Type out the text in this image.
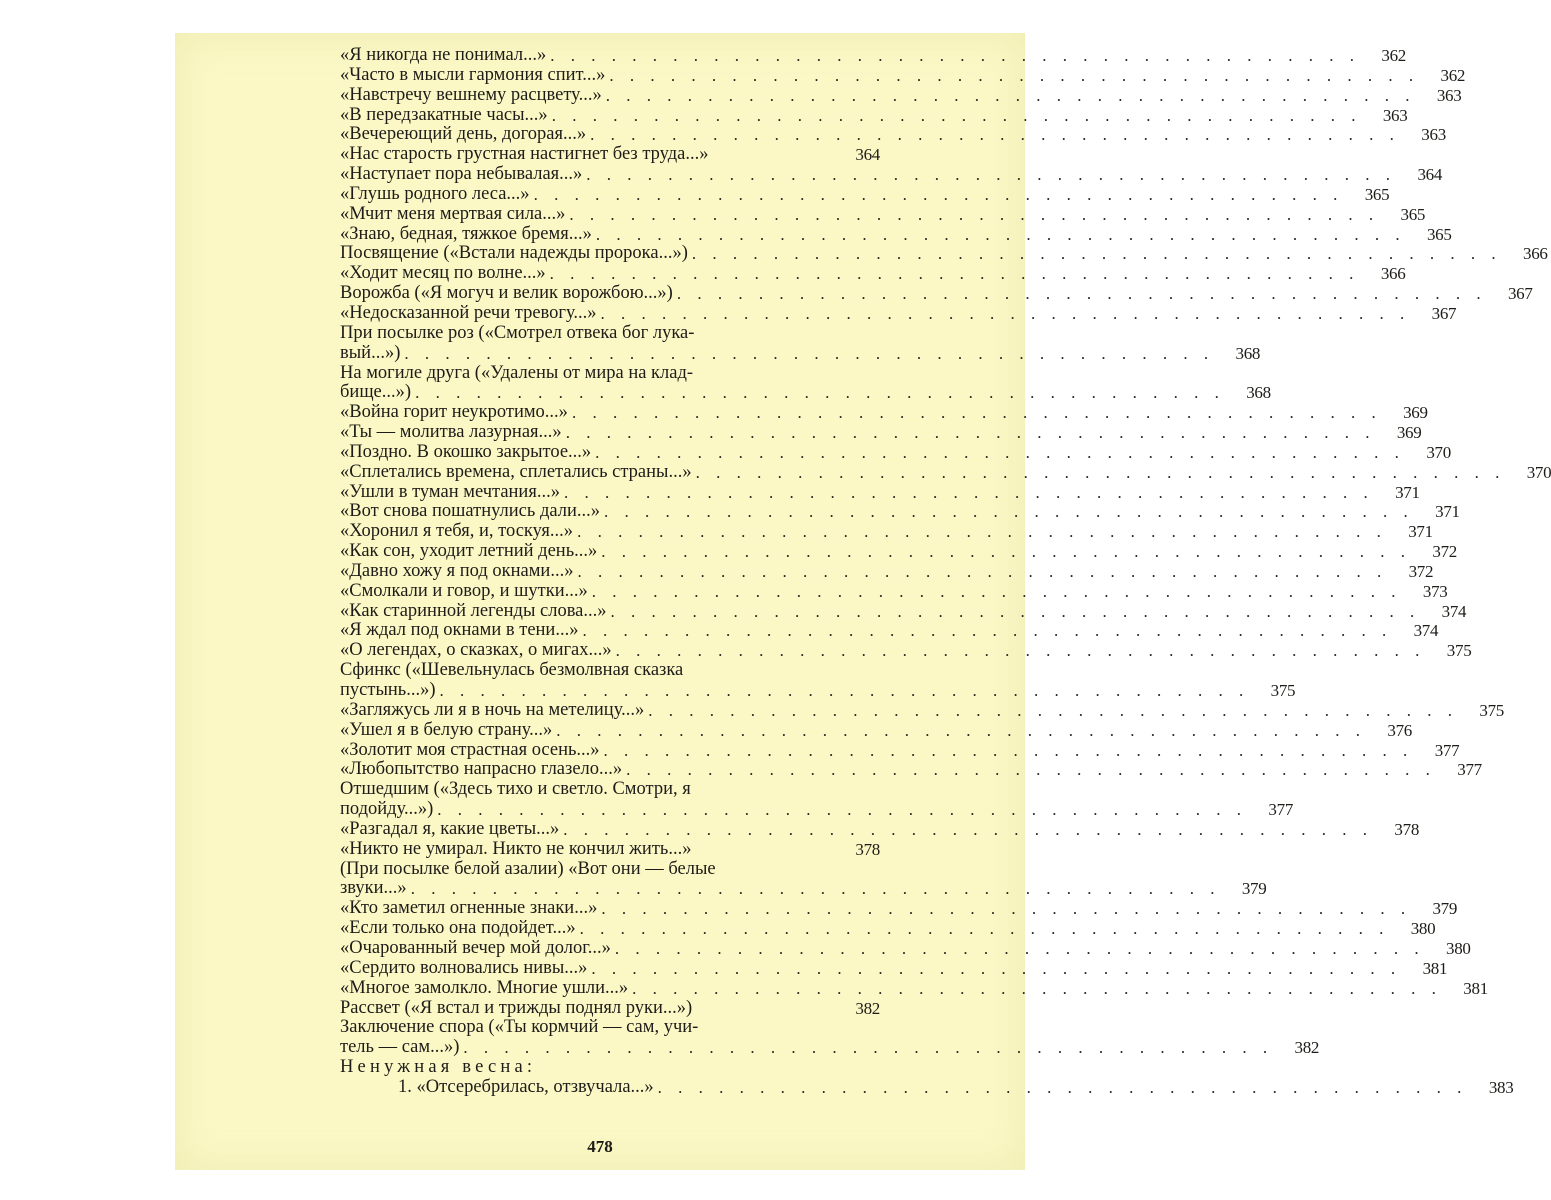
«Я никогда не понимал...» . . . . . . . . . . . . . . . . . . . . . . . . . . . . . . . . . . . . . . . .	362
«Часто в мысли гармония спит...» . . . . . . . . . . . . . . . . . . . . . . . . . . . . . . . . . . . . . . . .	362
«Навстречу вешнему расцвету...» . . . . . . . . . . . . . . . . . . . . . . . . . . . . . . . . . . . . . . . .	363
«В передзакатные часы...» . . . . . . . . . . . . . . . . . . . . . . . . . . . . . . . . . . . . . . . .	363
«Вечереющий день, догорая...» . . . . . . . . . . . . . . . . . . . . . . . . . . . . . . . . . . . . . . . .	363
«Нас старость грустная настигнет без труда...»	364
«Наступает пора небывалая...» . . . . . . . . . . . . . . . . . . . . . . . . . . . . . . . . . . . . . . . .	364
«Глушь родного леса...» . . . . . . . . . . . . . . . . . . . . . . . . . . . . . . . . . . . . . . . .	365
«Мчит меня мертвая сила...» . . . . . . . . . . . . . . . . . . . . . . . . . . . . . . . . . . . . . . . .	365
«Знаю, бедная, тяжкое бремя...» . . . . . . . . . . . . . . . . . . . . . . . . . . . . . . . . . . . . . . . .	365
Посвящение («Встали надежды пророка...») . . . . . . . . . . . . . . . . . . . . . . . . . . . . . . . . . . . . . . . .	366
«Ходит месяц по волне...» . . . . . . . . . . . . . . . . . . . . . . . . . . . . . . . . . . . . . . . .	366
Ворожба («Я могуч и велик ворожбою...») . . . . . . . . . . . . . . . . . . . . . . . . . . . . . . . . . . . . . . . .	367
«Недосказанной речи тревогу...» . . . . . . . . . . . . . . . . . . . . . . . . . . . . . . . . . . . . . . . .	367
При посылке роз («Смотрел отвека бог лука-
вый...») . . . . . . . . . . . . . . . . . . . . . . . . . . . . . . . . . . . . . . . .	368
На могиле друга («Удалены от мира на клад-
бище...») . . . . . . . . . . . . . . . . . . . . . . . . . . . . . . . . . . . . . . . .	368
«Война горит неукротимо...» . . . . . . . . . . . . . . . . . . . . . . . . . . . . . . . . . . . . . . . .	369
«Ты — молитва лазурная...» . . . . . . . . . . . . . . . . . . . . . . . . . . . . . . . . . . . . . . . .	369
«Поздно. В окошко закрытое...» . . . . . . . . . . . . . . . . . . . . . . . . . . . . . . . . . . . . . . . .	370
«Сплетались времена, сплетались страны...» . . . . . . . . . . . . . . . . . . . . . . . . . . . . . . . . . . . . . . . .	370
«Ушли в туман мечтания...» . . . . . . . . . . . . . . . . . . . . . . . . . . . . . . . . . . . . . . . .	371
«Вот снова пошатнулись дали...» . . . . . . . . . . . . . . . . . . . . . . . . . . . . . . . . . . . . . . . .	371
«Хоронил я тебя, и, тоскуя...» . . . . . . . . . . . . . . . . . . . . . . . . . . . . . . . . . . . . . . . .	371
«Как сон, уходит летний день...» . . . . . . . . . . . . . . . . . . . . . . . . . . . . . . . . . . . . . . . .	372
«Давно хожу я под окнами...» . . . . . . . . . . . . . . . . . . . . . . . . . . . . . . . . . . . . . . . .	372
«Смолкали и говор, и шутки...» . . . . . . . . . . . . . . . . . . . . . . . . . . . . . . . . . . . . . . . .	373
«Как старинной легенды слова...» . . . . . . . . . . . . . . . . . . . . . . . . . . . . . . . . . . . . . . . .	374
«Я ждал под окнами в тени...» . . . . . . . . . . . . . . . . . . . . . . . . . . . . . . . . . . . . . . . .	374
«О легендах, о сказках, о мигах...» . . . . . . . . . . . . . . . . . . . . . . . . . . . . . . . . . . . . . . . .	375
Сфинкс («Шевельнулась безмолвная сказка
пустынь...») . . . . . . . . . . . . . . . . . . . . . . . . . . . . . . . . . . . . . . . .	375
«Загляжусь ли я в ночь на метелицу...» . . . . . . . . . . . . . . . . . . . . . . . . . . . . . . . . . . . . . . . .	375
«Ушел я в белую страну...» . . . . . . . . . . . . . . . . . . . . . . . . . . . . . . . . . . . . . . . .	376
«Золотит моя страстная осень...» . . . . . . . . . . . . . . . . . . . . . . . . . . . . . . . . . . . . . . . .	377
«Любопытство напрасно глазело...» . . . . . . . . . . . . . . . . . . . . . . . . . . . . . . . . . . . . . . . .	377
Отшедшим («Здесь тихо и светло. Смотри, я
подойду...») . . . . . . . . . . . . . . . . . . . . . . . . . . . . . . . . . . . . . . . .	377
«Разгадал я, какие цветы...» . . . . . . . . . . . . . . . . . . . . . . . . . . . . . . . . . . . . . . . .	378
«Никто не умирал. Никто не кончил жить...»	378
(При посылке белой азалии) «Вот они — белые
звуки...» . . . . . . . . . . . . . . . . . . . . . . . . . . . . . . . . . . . . . . . .	379
«Кто заметил огненные знаки...» . . . . . . . . . . . . . . . . . . . . . . . . . . . . . . . . . . . . . . . .	379
«Если только она подойдет...» . . . . . . . . . . . . . . . . . . . . . . . . . . . . . . . . . . . . . . . .	380
«Очарованный вечер мой долог...» . . . . . . . . . . . . . . . . . . . . . . . . . . . . . . . . . . . . . . . .	380
«Сердито волновались нивы...» . . . . . . . . . . . . . . . . . . . . . . . . . . . . . . . . . . . . . . . .	381
«Многое замолкло. Многие ушли...» . . . . . . . . . . . . . . . . . . . . . . . . . . . . . . . . . . . . . . . .	381
Рассвет («Я встал и трижды поднял руки...»)	382
Заключение спора («Ты кормчий — сам, учи-
тель — сам...») . . . . . . . . . . . . . . . . . . . . . . . . . . . . . . . . . . . . . . . .	382
Ненужная весна:
1. «Отсеребрилась, отзвучала...» . . . . . . . . . . . . . . . . . . . . . . . . . . . . . . . . . . . . . . . .	383
478
